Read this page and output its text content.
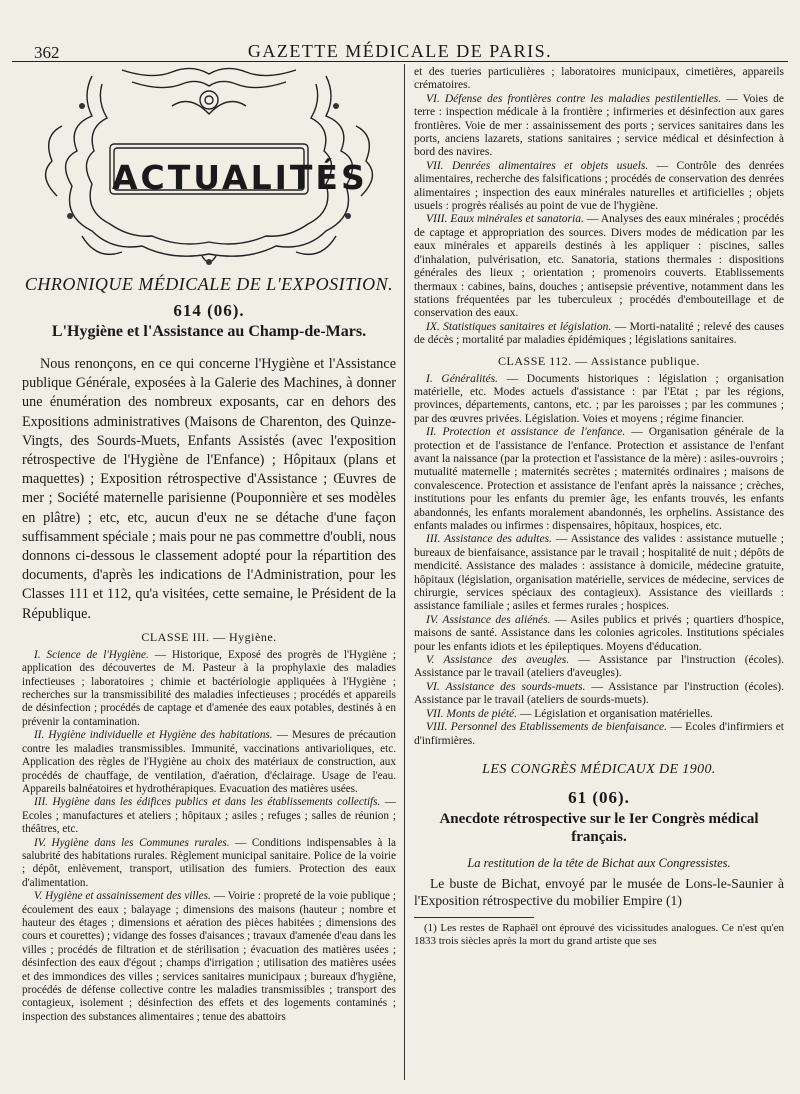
362	GAZETTE MÉDICALE DE PARIS.
ACTUALITÉS
CHRONIQUE MÉDICALE DE L'EXPOSITION.
614 (06).
L'Hygiène et l'Assistance au Champ-de-Mars.

Nous renonçons, en ce qui concerne l'Hygiène et l'Assistance publique Générale, exposées à la Galerie des Machines, à donner une énumération des nombreux exposants, car en dehors des Expositions administratives (Maisons de Charenton, des Quinze-Vingts, des Sourds-Muets, Enfants Assistés (avec l'exposition rétrospective de l'Hygiène de l'Enfance) ; Hôpitaux (plans et maquettes) ; Exposition rétrospective d'Assistance ; Œuvres de mer ; Société maternelle parisienne (Pouponnière et ses modèles en plâtre) ; etc, etc, aucun d'eux ne se détache d'une façon suffisamment spéciale ; mais pour ne pas commettre d'oubli, nous donnons ci-dessous le classement adopté pour la répartition des documents, d'après les indications de l'Administration, pour les Classes 111 et 112, qu'a visitées, cette semaine, le Président de la République.

CLASSE III. — Hygiène.

I. Science de l'Hygiène. — Historique, Exposé des progrès de l'Hygiène ; application des découvertes de M. Pasteur à la prophylaxie des maladies infectieuses ; laboratoires ; chimie et bactériologie appliquées à l'Hygiène ; recherches sur la transmissibilité des maladies infectieuses ; procédés et appareils de désinfection ; procédés de captage et d'amenée des eaux potables, destinés à en prévenir la contamination.

II. Hygiène individuelle et Hygiène des habitations. — Mesures de précaution contre les maladies transmissibles. Immunité, vaccinations antivarioliques, etc. Application des règles de l'Hygiène au choix des matériaux de construction, aux procédés de chauffage, de ventilation, d'aération, d'éclairage. Usage de l'eau. Appareils balnéatoires et hydrothérapiques. Evacuation des matières usées.

III. Hygiène dans les édifices publics et dans les établissements collectifs. — Ecoles ; manufactures et ateliers ; hôpitaux ; asiles ; refuges ; salles de réunion ; théâtres, etc.

IV. Hygiène dans les Communes rurales. — Conditions indispensables à la salubrité des habitations rurales. Règlement municipal sanitaire. Police de la voirie ; dépôt, enlèvement, transport, utilisation des fumiers. Protection des eaux d'alimentation.

V. Hygiène et assainissement des villes. — Voirie : propreté de la voie publique ; écoulement des eaux ; balayage ; dimensions des maisons (hauteur ; nombre et hauteur des étages ; dimensions et aération des pièces habitées ; dimensions des cours et courettes) ; vidange des fosses d'aisances ; travaux d'amenée d'eau dans les villes ; procédés de filtration et de stérilisation ; évacuation des matières usées ; désinfection des eaux d'égout ; champs d'irrigation ; utilisation des matières usées et des immondices des villes ; services sanitaires municipaux ; bureaux d'hygiène, procédés de défense collective contre les maladies transmissibles ; transport des contagieux, isolement ; désinfection des effets et des logements contaminés ; inspection des substances alimentaires ; tenue des abattoirs

et des tueries particulières ; laboratoires municipaux, cimetières, appareils crématoires.

VI. Défense des frontières contre les maladies pestilentielles. — Voies de terre : inspection médicale à la frontière ; infirmeries et désinfection aux gares frontières. Voie de mer : assainissement des ports ; services sanitaires dans les ports, anciens lazarets, stations sanitaires ; service médical et désinfection à bord des navires.

VII. Denrées alimentaires et objets usuels. — Contrôle des denrées alimentaires, recherche des falsifications ; procédés de conservation des denrées alimentaires ; inspection des eaux minérales naturelles et artificielles ; objets usuels : progrès réalisés au point de vue de l'hygiène.

VIII. Eaux minérales et sanatoria. — Analyses des eaux minérales ; procédés de captage et appropriation des sources. Divers modes de médication par les eaux minérales et appareils destinés à les appliquer : piscines, salles d'inhalation, pulvérisation, etc. Sanatoria, stations thermales : dispositions générales des lieux ; orientation ; promenoirs couverts. Etablissements thermaux : cabines, bains, douches ; antisepsie préventive, notamment dans les stations fréquentées par les tuberculeux ; procédés d'embouteillage et de conservation des eaux.

IX. Statistiques sanitaires et législation. — Morti-natalité ; relevé des causes de décès ; mortalité par maladies épidémiques ; législations sanitaires.

CLASSE 112. — Assistance publique.

I. Généralités. — Documents historiques : législation ; organisation matérielle, etc. Modes actuels d'assistance : par l'Etat ; par les régions, provinces, départements, cantons, etc. ; par les paroisses ; par les communes ; par des œuvres privées. Législation. Voies et moyens ; régime financier.

II. Protection et assistance de l'enfance. — Organisation générale de la protection et de l'assistance de l'enfance. Protection et assistance de l'enfant avant la naissance (par la protection et l'assistance de la mère) : asiles-ouvroirs ; mutualité maternelle ; maternités secrètes ; maternités ordinaires ; maisons de convalescence. Protection et assistance de l'enfant après la naissance ; crèches, institutions pour les enfants du premier âge, les enfants trouvés, les enfants abandonnés, les enfants moralement abandonnés, les orphelins. Assistance des enfants malades ou infirmes : dispensaires, hôpitaux, hospices, etc.

III. Assistance des adultes. — Assistance des valides : assistance mutuelle ; bureaux de bienfaisance, assistance par le travail ; hospitalité de nuit ; dépôts de mendicité. Assistance des malades : assistance à domicile, médecine gratuite, hôpitaux (législation, organisation matérielle, services de médecine, services de chirurgie, services spéciaux des contagieux). Assistance des vieillards : assistance familiale ; asiles et fermes rurales ; hospices.

IV. Assistance des aliénés. — Asiles publics et privés ; quartiers d'hospice, maisons de santé. Assistance dans les colonies agricoles. Institutions spéciales pour les enfants idiots et les épileptiques. Moyens d'éducation.

V. Assistance des aveugles. — Assistance par l'instruction (écoles). Assistance par le travail (ateliers d'aveugles).

VI. Assistance des sourds-muets. — Assistance par l'instruction (écoles). Assistance par le travail (ateliers de sourds-muets).

VII. Monts de piété. — Législation et organisation matérielles.

VIII. Personnel des Etablissements de bienfaisance. — Ecoles d'infirmiers et d'infirmières.

LES CONGRÈS MÉDICAUX DE 1900.
61 (06).
Anecdote rétrospective sur le Ier Congrès médical français.
La restitution de la tête de Bichat aux Congressistes.

Le buste de Bichat, envoyé par le musée de Lons-le-Saunier à l'Exposition rétrospective du mobilier Empire (1)

(1) Les restes de Raphaël ont éprouvé des vicissitudes analogues. Ce n'est qu'en 1833 trois siècles après la mort du grand artiste que ses
